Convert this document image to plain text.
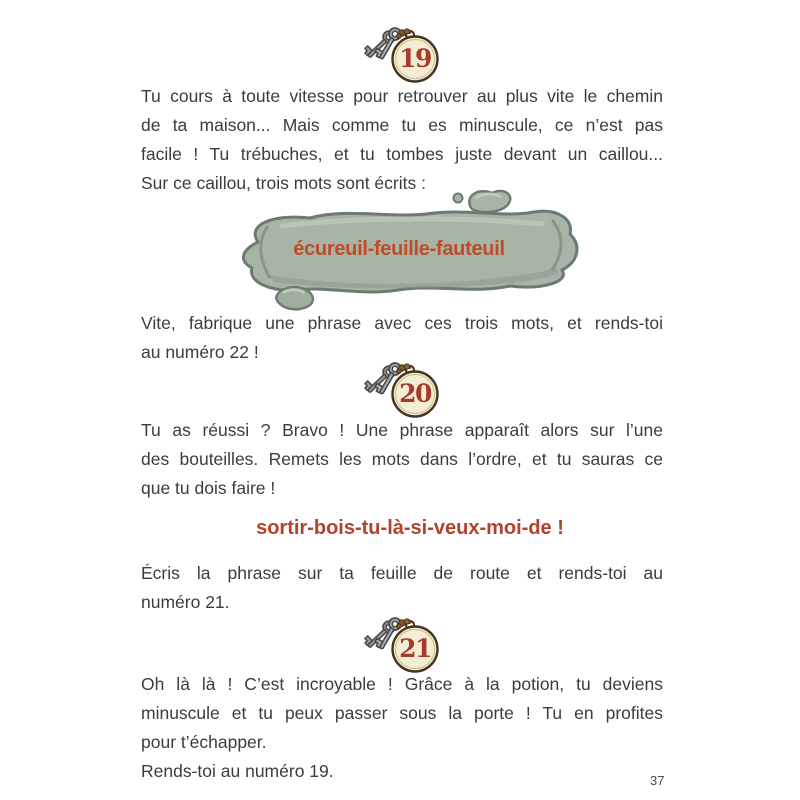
19
Tu cours à toute vitesse pour retrouver au plus vite le chemin
de ta maison... Mais comme tu es minuscule, ce n’est pas
facile ! Tu trébuches, et tu tombes juste devant un caillou...
Sur ce caillou, trois mots sont écrits :
écureuil-feuille-fauteuil
Vite, fabrique une phrase avec ces trois mots, et rends-toi
au numéro 22 !
20
Tu as réussi ? Bravo ! Une phrase apparaît alors sur l’une
des bouteilles. Remets les mots dans l’ordre, et tu sauras ce
que tu dois faire !
sortir-bois-tu-là-si-veux-moi-de !
Écris la phrase sur ta feuille de route et rends-toi au
numéro 21.
21
Oh là là ! C’est incroyable ! Grâce à la potion, tu deviens
minuscule et tu peux passer sous la porte ! Tu en profites
pour t’échapper.
Rends-toi au numéro 19.	37
